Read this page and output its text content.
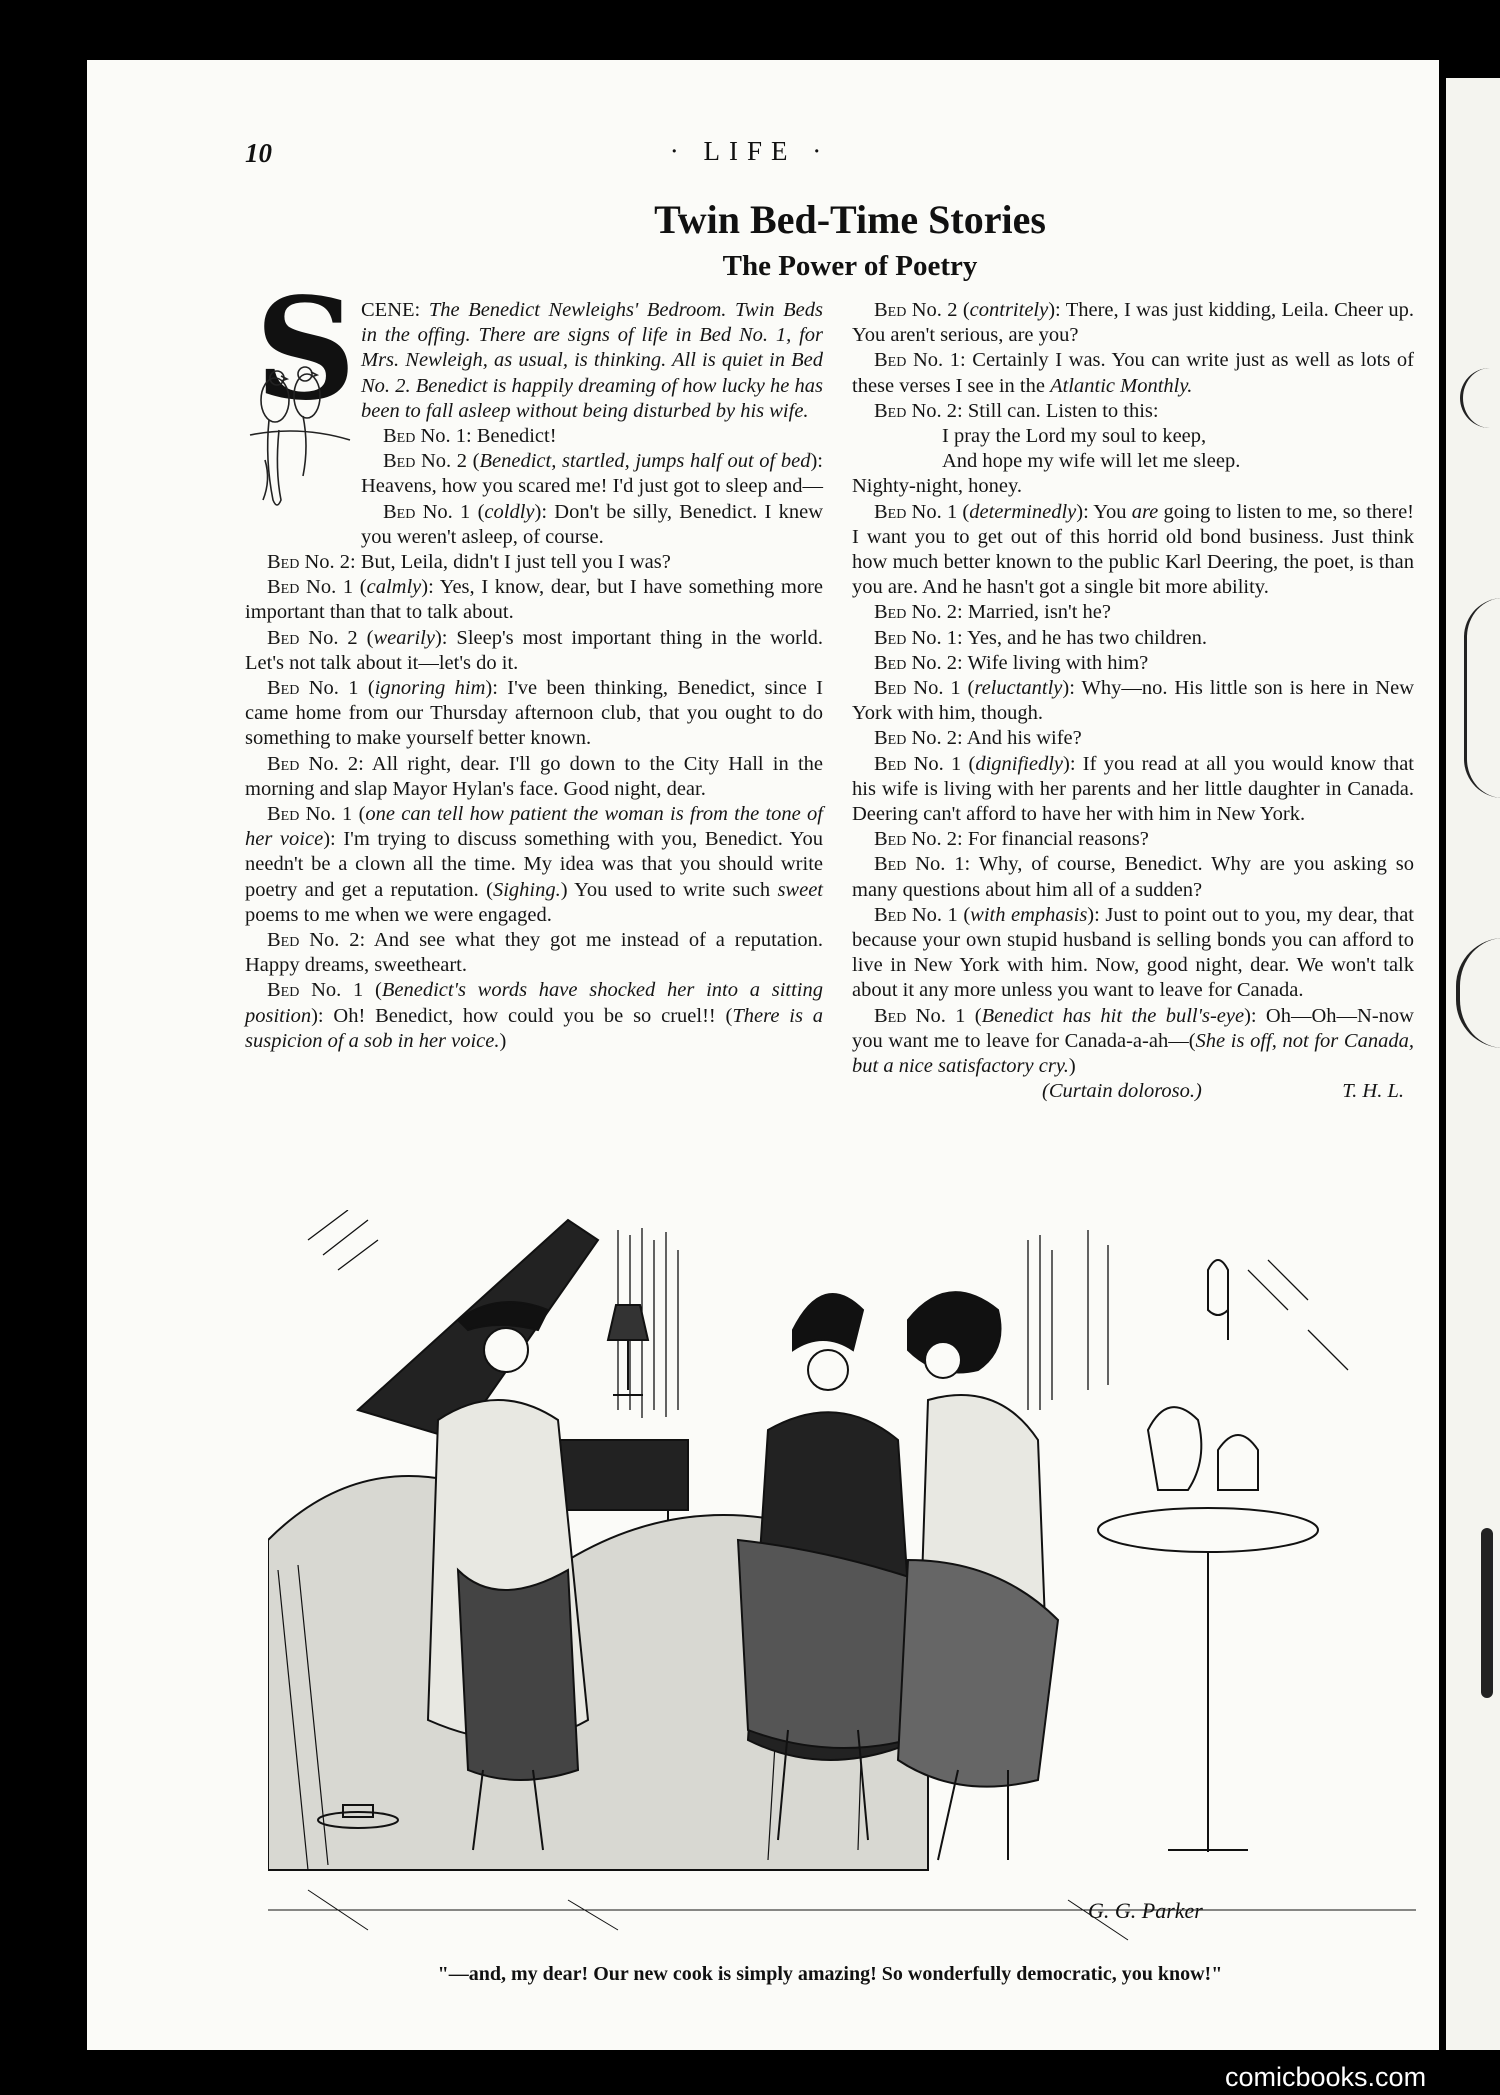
10	· LIFE ·
Twin Bed-Time Stories
The Power of Poetry
S CENE: The Benedict Newleighs' Bedroom. Twin Beds in the offing. There are signs of life in Bed No. 1, for Mrs. Newleigh, as usual, is thinking. All is quiet in Bed No. 2. Benedict is happily dreaming of how lucky he has been to fall asleep without being disturbed by his wife.

Bed No. 1: Benedict!

Bed No. 2 (Benedict, startled, jumps half out of bed): Heavens, how you scared me! I'd just got to sleep and—

Bed No. 1 (coldly): Don't be silly, Benedict. I knew you weren't asleep, of course.

Bed No. 2: But, Leila, didn't I just tell you I was?

Bed No. 1 (calmly): Yes, I know, dear, but I have something more important than that to talk about.

Bed No. 2 (wearily): Sleep's most important thing in the world. Let's not talk about it—let's do it.

Bed No. 1 (ignoring him): I've been thinking, Benedict, since I came home from our Thursday afternoon club, that you ought to do something to make yourself better known.

Bed No. 2: All right, dear. I'll go down to the City Hall in the morning and slap Mayor Hylan's face. Good night, dear.

Bed No. 1 (one can tell how patient the woman is from the tone of her voice): I'm trying to discuss something with you, Benedict. You needn't be a clown all the time. My idea was that you should write poetry and get a reputation. (Sighing.) You used to write such sweet poems to me when we were engaged.

Bed No. 2: And see what they got me instead of a reputation. Happy dreams, sweetheart.

Bed No. 1 (Benedict's words have shocked her into a sitting position): Oh! Benedict, how could you be so cruel!! (There is a suspicion of a sob in her voice.)

Bed No. 2 (contritely): There, I was just kidding, Leila. Cheer up. You aren't serious, are you?

Bed No. 1: Certainly I was. You can write just as well as lots of these verses I see in the Atlantic Monthly.

Bed No. 2: Still can. Listen to this:

I pray the Lord my soul to keep,

And hope my wife will let me sleep.

Nighty-night, honey.

Bed No. 1 (determinedly): You are going to listen to me, so there! I want you to get out of this horrid old bond business. Just think how much better known to the public Karl Deering, the poet, is than you are. And he hasn't got a single bit more ability.

Bed No. 2: Married, isn't he?

Bed No. 1: Yes, and he has two children.

Bed No. 2: Wife living with him?

Bed No. 1 (reluctantly): Why—no. His little son is here in New York with him, though.

Bed No. 2: And his wife?

Bed No. 1 (dignifiedly): If you read at all you would know that his wife is living with her parents and her little daughter in Canada. Deering can't afford to have her with him in New York.

Bed No. 2: For financial reasons?

Bed No. 1: Why, of course, Benedict. Why are you asking so many questions about him all of a sudden?

Bed No. 1 (with emphasis): Just to point out to you, my dear, that because your own stupid husband is selling bonds you can afford to live in New York with him. Now, good night, dear. We won't talk about it any more unless you want to leave for Canada.

Bed No. 1 (Benedict has hit the bull's-eye): Oh—Oh—N-now you want me to leave for Canada-a-ah—(She is off, not for Canada, but a nice satisfactory cry.)

(Curtain doloroso.)	T. H. L.
G. G. Parker
"—and, my dear! Our new cook is simply amazing! So wonderfully democratic, you know!"
comicbooks.com
